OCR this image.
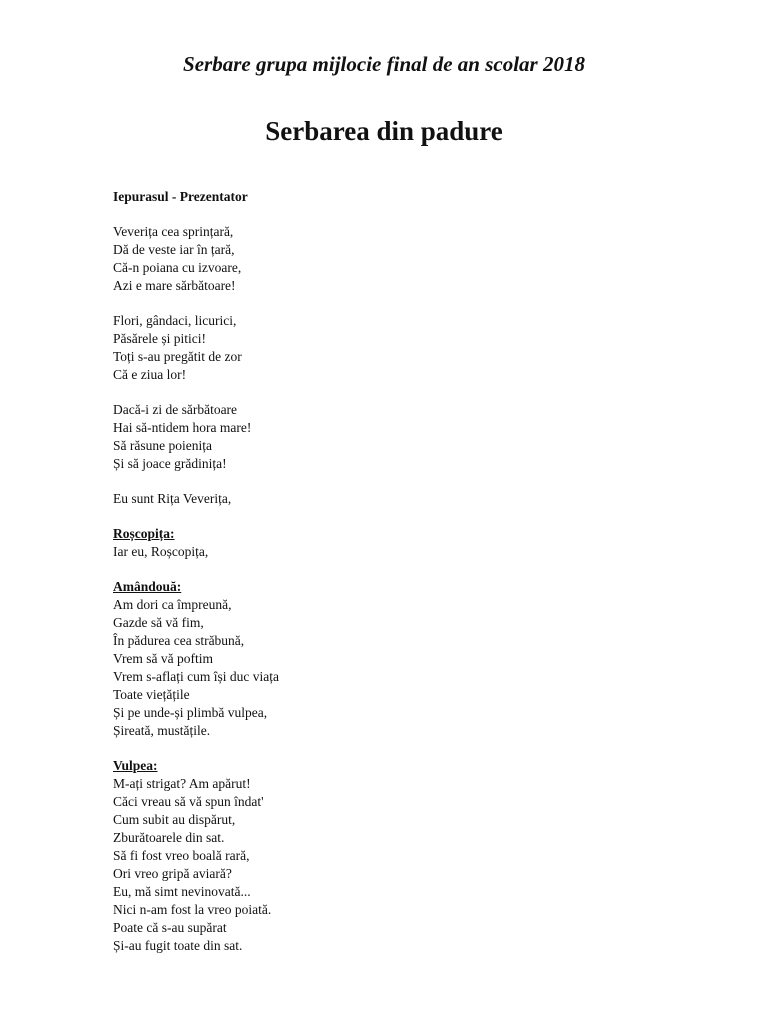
Serbare grupa mijlocie final de an scolar 2018
Serbarea din padure
Iepurasul - Prezentator
Veverița cea sprințară,
Dă de veste iar în țară,
Că-n poiana cu izvoare,
Azi e mare sărbătoare!
Flori, gândaci, licurici,
Păsărele și pitici!
Toți s-au pregătit de zor
Că e ziua lor!
Dacă-i zi de sărbătoare
Hai să-ntidem hora mare!
Să răsune poienița
Și să joace grădinița!
Eu sunt Rița Veverița,
Roșcopița:
Iar eu, Roșcopița,
Amândouă:
Am dori ca împreună,
Gazde să vă fim,
În pădurea cea străbună,
Vrem să vă poftim
Vrem s-aflați cum își duc viața
Toate viețățile
Și pe unde-și plimbă vulpea,
Șireată, mustățile.
Vulpea:
M-ați strigat? Am apărut!
Căci vreau să vă spun îndat'
Cum subit au dispărut,
Zburătoarele din sat.
Să fi fost vreo boală rară,
Ori vreo gripă aviară?
Eu, mă simt nevinovată...
Nici n-am fost la vreo poiată.
Poate că s-au supărat
Și-au fugit toate din sat.
